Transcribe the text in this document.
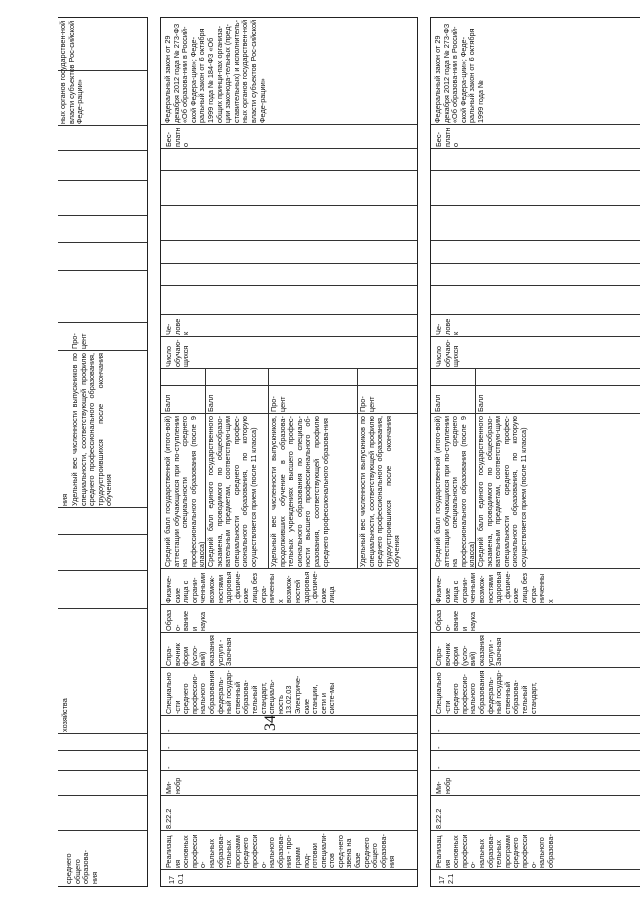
34
среднего
общего
образова-
ния
хозяйства
ния Удельный вес численности выпускников по специальности, соответствующей профилю среднего профессионального образования, трудоустроившихся после окончания обучения
Про-
цент
ных органов государствен-ной власти субъектов Рос-сийской Феде-рации»
170.1
Реализация основных профессио-нальных образова-тельных программ среднего профессио-нального образова-ния - про-грамм под-готовки специали-стов сред-него звена на базе среднего общего образова-ния
8.22.2
Ми-нобр
-
-
-
Специально-сти среднего профессио-нального образования федераль-ный государ-ственный образова-тельный стандарт, специаль-ность 13.02.03 Электриче-ские станции, сети и систе-мы
Спра-вочник форм (усло-вий) оказания услуги - Заочная
Образо-вание и наука
Физиче-ские лица с ограни-ченными возмож-ностями здоровья, физиче-ские лица без огра-ниченных возмож-ностей здоровья, физиче-ские лица
Средний балл государственной (итого-вой) аттестации обучающихся при по-ступлении на специальности среднего профессионального образования (после 9 класса)
Балл
Средний балл единого государственного экзамена, проводимого по общеобразо-вательным предметам, соответствую-щим специальности среднего профес-сионального образования, по которую осуществляется прием (после 11 класса)
Балл
Удельный вес численности выпускников, продолживших обучение в образова-тельных учреждениях высшего профес-сионального образования по специаль-ности высшего профессионального об-разования, соответствующей профилю среднего профессионального образова-ния
Про-
цент
Удельный вес численности выпускников по специальности, соответствующей профилю среднего профессионального образования, трудоустроившихся после окончания обучения
Про-
цент
Число обучаю-щихся
Че-ловек
Бес-платно
Федеральный закон от 29 декабря 2012 года № 273-ФЗ «Об образова-нии в Россий-ской Федера-ции»; Феде-ральный закон от 6 октября 1999 года № 184-ФЗ «Об общих принци-пах организа-ции законода-тельных (пред-ставительных) и исполнитель-ных органов государствен-ной власти субъектов Рос-сийской Феде-рации»
172.1
Реализация основных профессио-нальных образова-тельных программ среднего профессио-нального образова-
8.22.2
Ми-нобр
-
-
-
Специально-сти среднего профессио-нального образования федераль-ный государ-ственный образова-тельный стандарт,
Спра-вочник форм (усло-вий) оказания услуги - Заочная
Образо-вание и наука
Физиче-ские лица с ограни-ченными возмож-ностями здоровья, физиче-ские лица без огра-ниченных
Средний балл государственной (итого-вой) аттестации обучающихся при по-ступлении на специальности среднего профессионального образования (после 9 класса)
Балл
Средний балл единого государственного экзамена, проводимого по общеобразо-вательным предметам, соответствую-щим специальности среднего профес-сионального образования, по которую осуществляется прием (после 11 класса)
Балл
Число обучаю-щихся
Че-ловек
Бес-платно
Федеральный закон от 29 декабря 2012 года № 273-ФЗ «Об образова-нии в Россий-ской Федера-ции»; Феде-ральный закон от 6 октября 1999 года №
